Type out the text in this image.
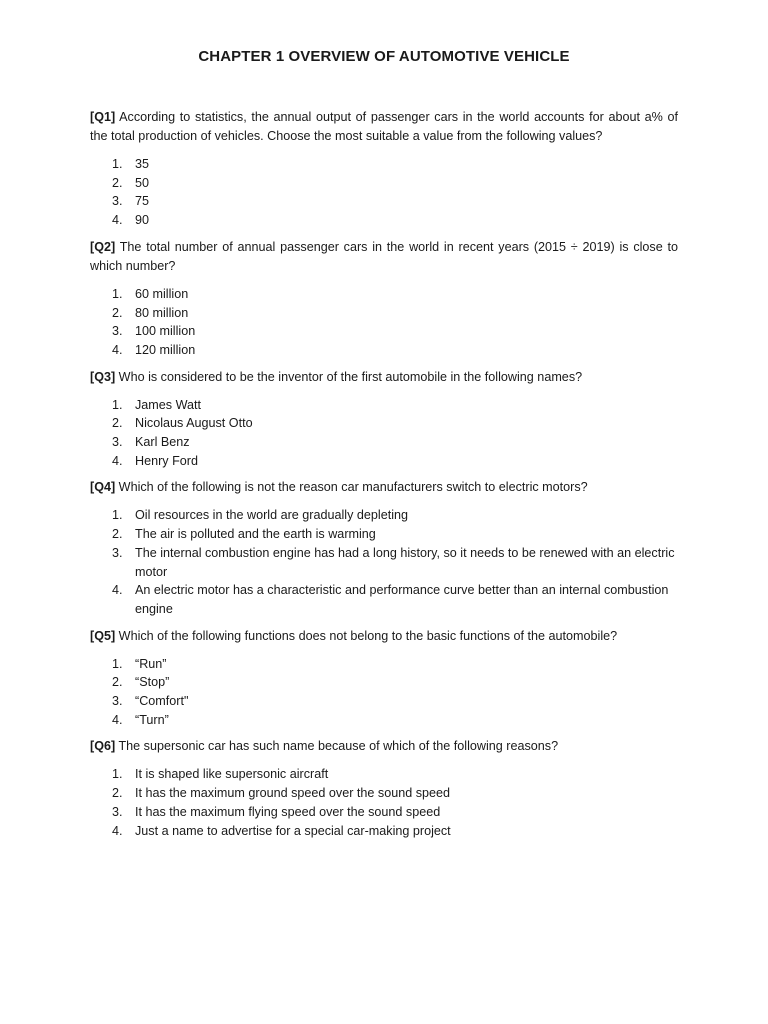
CHAPTER 1 OVERVIEW OF AUTOMOTIVE VEHICLE

[Q1] According to statistics, the annual output of passenger cars in the world accounts for about a% of the total production of vehicles. Choose the most suitable a value from the following values?

1. 35
2. 50
3. 75
4. 90

[Q2] The total number of annual passenger cars in the world in recent years (2015 ÷ 2019) is close to which number?

1. 60 million
2. 80 million
3. 100 million
4. 120 million

[Q3] Who is considered to be the inventor of the first automobile in the following names?

1. James Watt
2. Nicolaus August Otto
3. Karl Benz
4. Henry Ford

[Q4] Which of the following is not the reason car manufacturers switch to electric motors?

1. Oil resources in the world are gradually depleting
2. The air is polluted and the earth is warming
3. The internal combustion engine has had a long history, so it needs to be renewed with an electric motor
4. An electric motor has a characteristic and performance curve better than an internal combustion engine

[Q5] Which of the following functions does not belong to the basic functions of the automobile?

1. “Run”
2. “Stop”
3. “Comfort"
4. “Turn”

[Q6] The supersonic car has such name because of which of the following reasons?

1. It is shaped like supersonic aircraft
2. It has the maximum ground speed over the sound speed
3. It has the maximum flying speed over the sound speed
4. Just a name to advertise for a special car-making project
